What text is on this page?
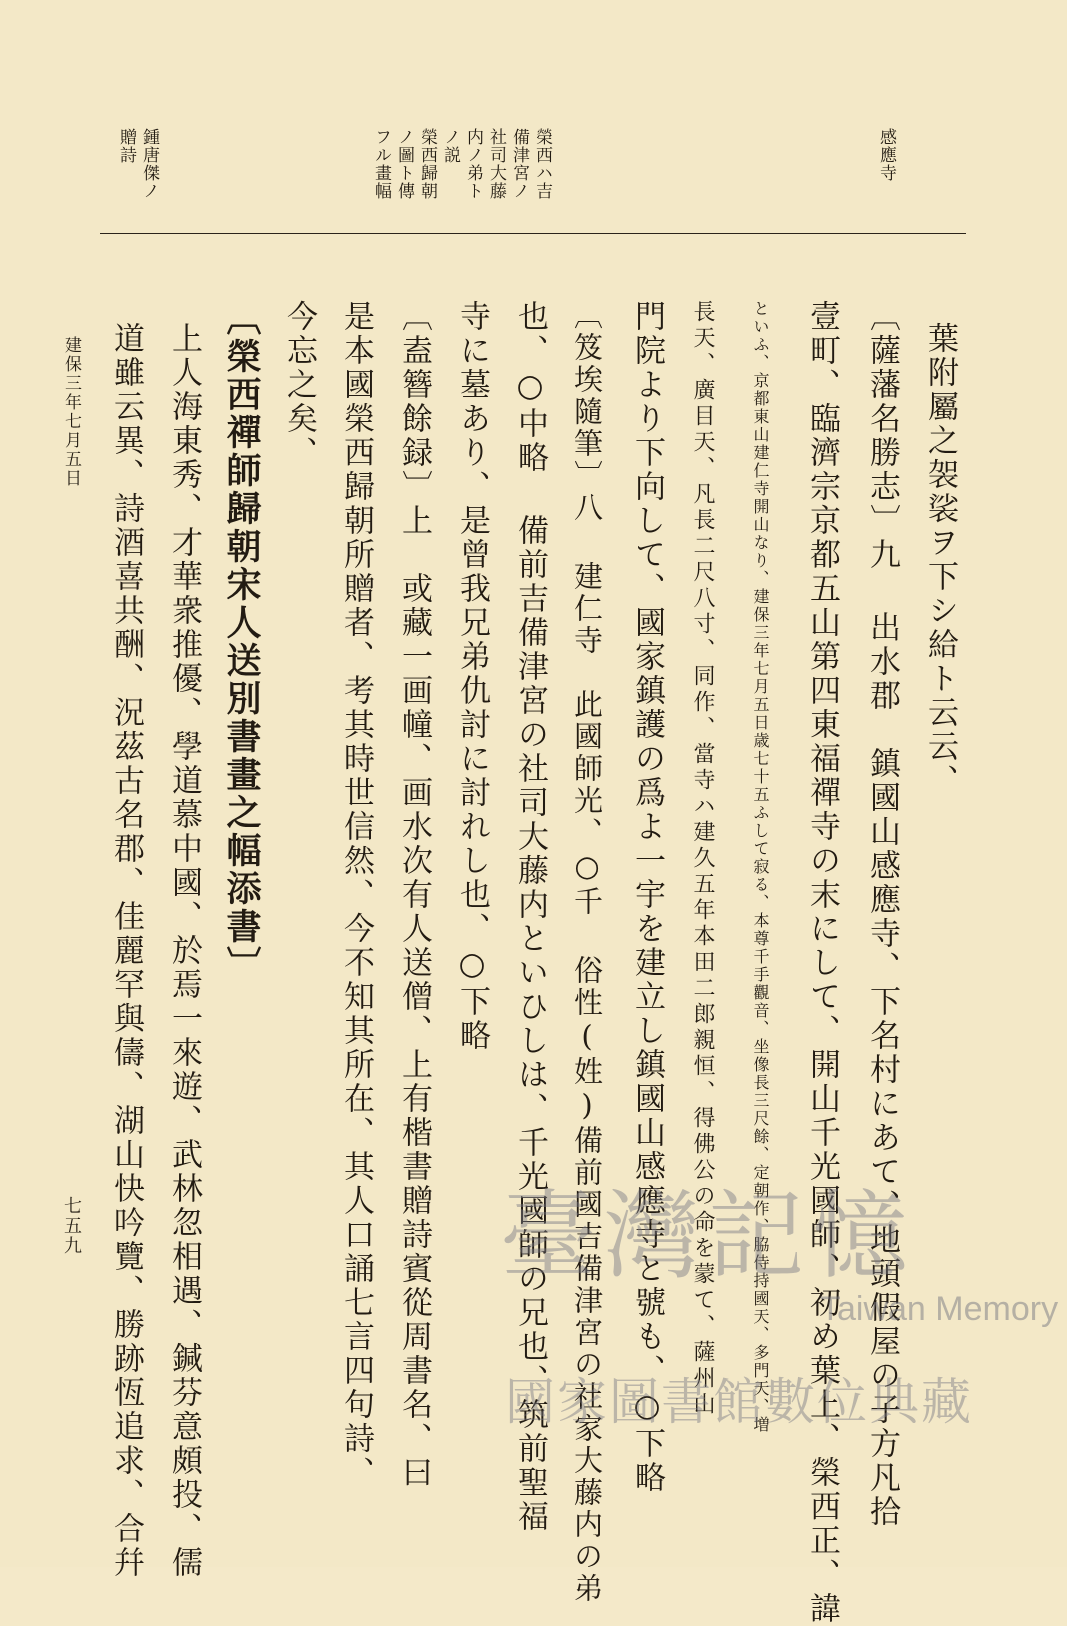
感應寺
榮西ハ吉
備津宮ノ
社司大藤
内ノ弟ト
ノ説
榮西歸朝
ノ圖ト傳
フル畫幅
鍾唐傑ノ
贈詩
葉附屬之袈裟ヲ下シ給ト云云、
〔薩藩名勝志〕九 出水郡　鎮國山感應寺、下名村にあて、地頭假屋の子方凡拾
壹町、臨濟宗京都五山第四東福禪寺の末にして、開山千光國師、初め葉上、榮西正、諱
といふ、京都東山建仁寺開山なり、建保三年七月五日歳七十五ふして寂る、本尊千手觀音、坐像長三尺餘、定朝作、脇侍持國天、多門天、増
長天、廣目天、凡長二尺八寸、同作、當寺ハ建久五年本田二郎親恒、得佛公の命を蒙て、薩州山
門院より下向して、國家鎮護の爲よ一宇を建立し鎮國山感應寺と號も、○下略
〔笈埃隨筆〕八 建仁寺　此國師光、○千 俗性(姓)備前國吉備津宮の社家大藤内の弟
也、○中略 備前吉備津宮の社司大藤内といひしは、千光國師の兄也、筑前聖福
寺に墓あり、是曾我兄弟仇討に討れし也、○下略
〔盍簪餘録〕上　或藏一画幢、画水次有人送僧、上有楷書贈詩賓從周書名、曰
是本國榮西歸朝所贈者、考其時世信然、今不知其所在、其人口誦七言四句詩、
今忘之矣、
〔榮西禪師歸朝宋人送別書畫之幅添書〕
上人海東秀、才華衆推優、學道慕中國、於焉一來遊、武林忽相遇、鍼芬意頗投、儒
道雖云異、詩酒喜共酬、況茲古名郡、佳麗罕與儔、湖山快吟覽、勝跡恆追求、合幷
建保三年七月五日
七五九	臺灣記憶
Taiwan Memory
國家圖書館數位典藏
